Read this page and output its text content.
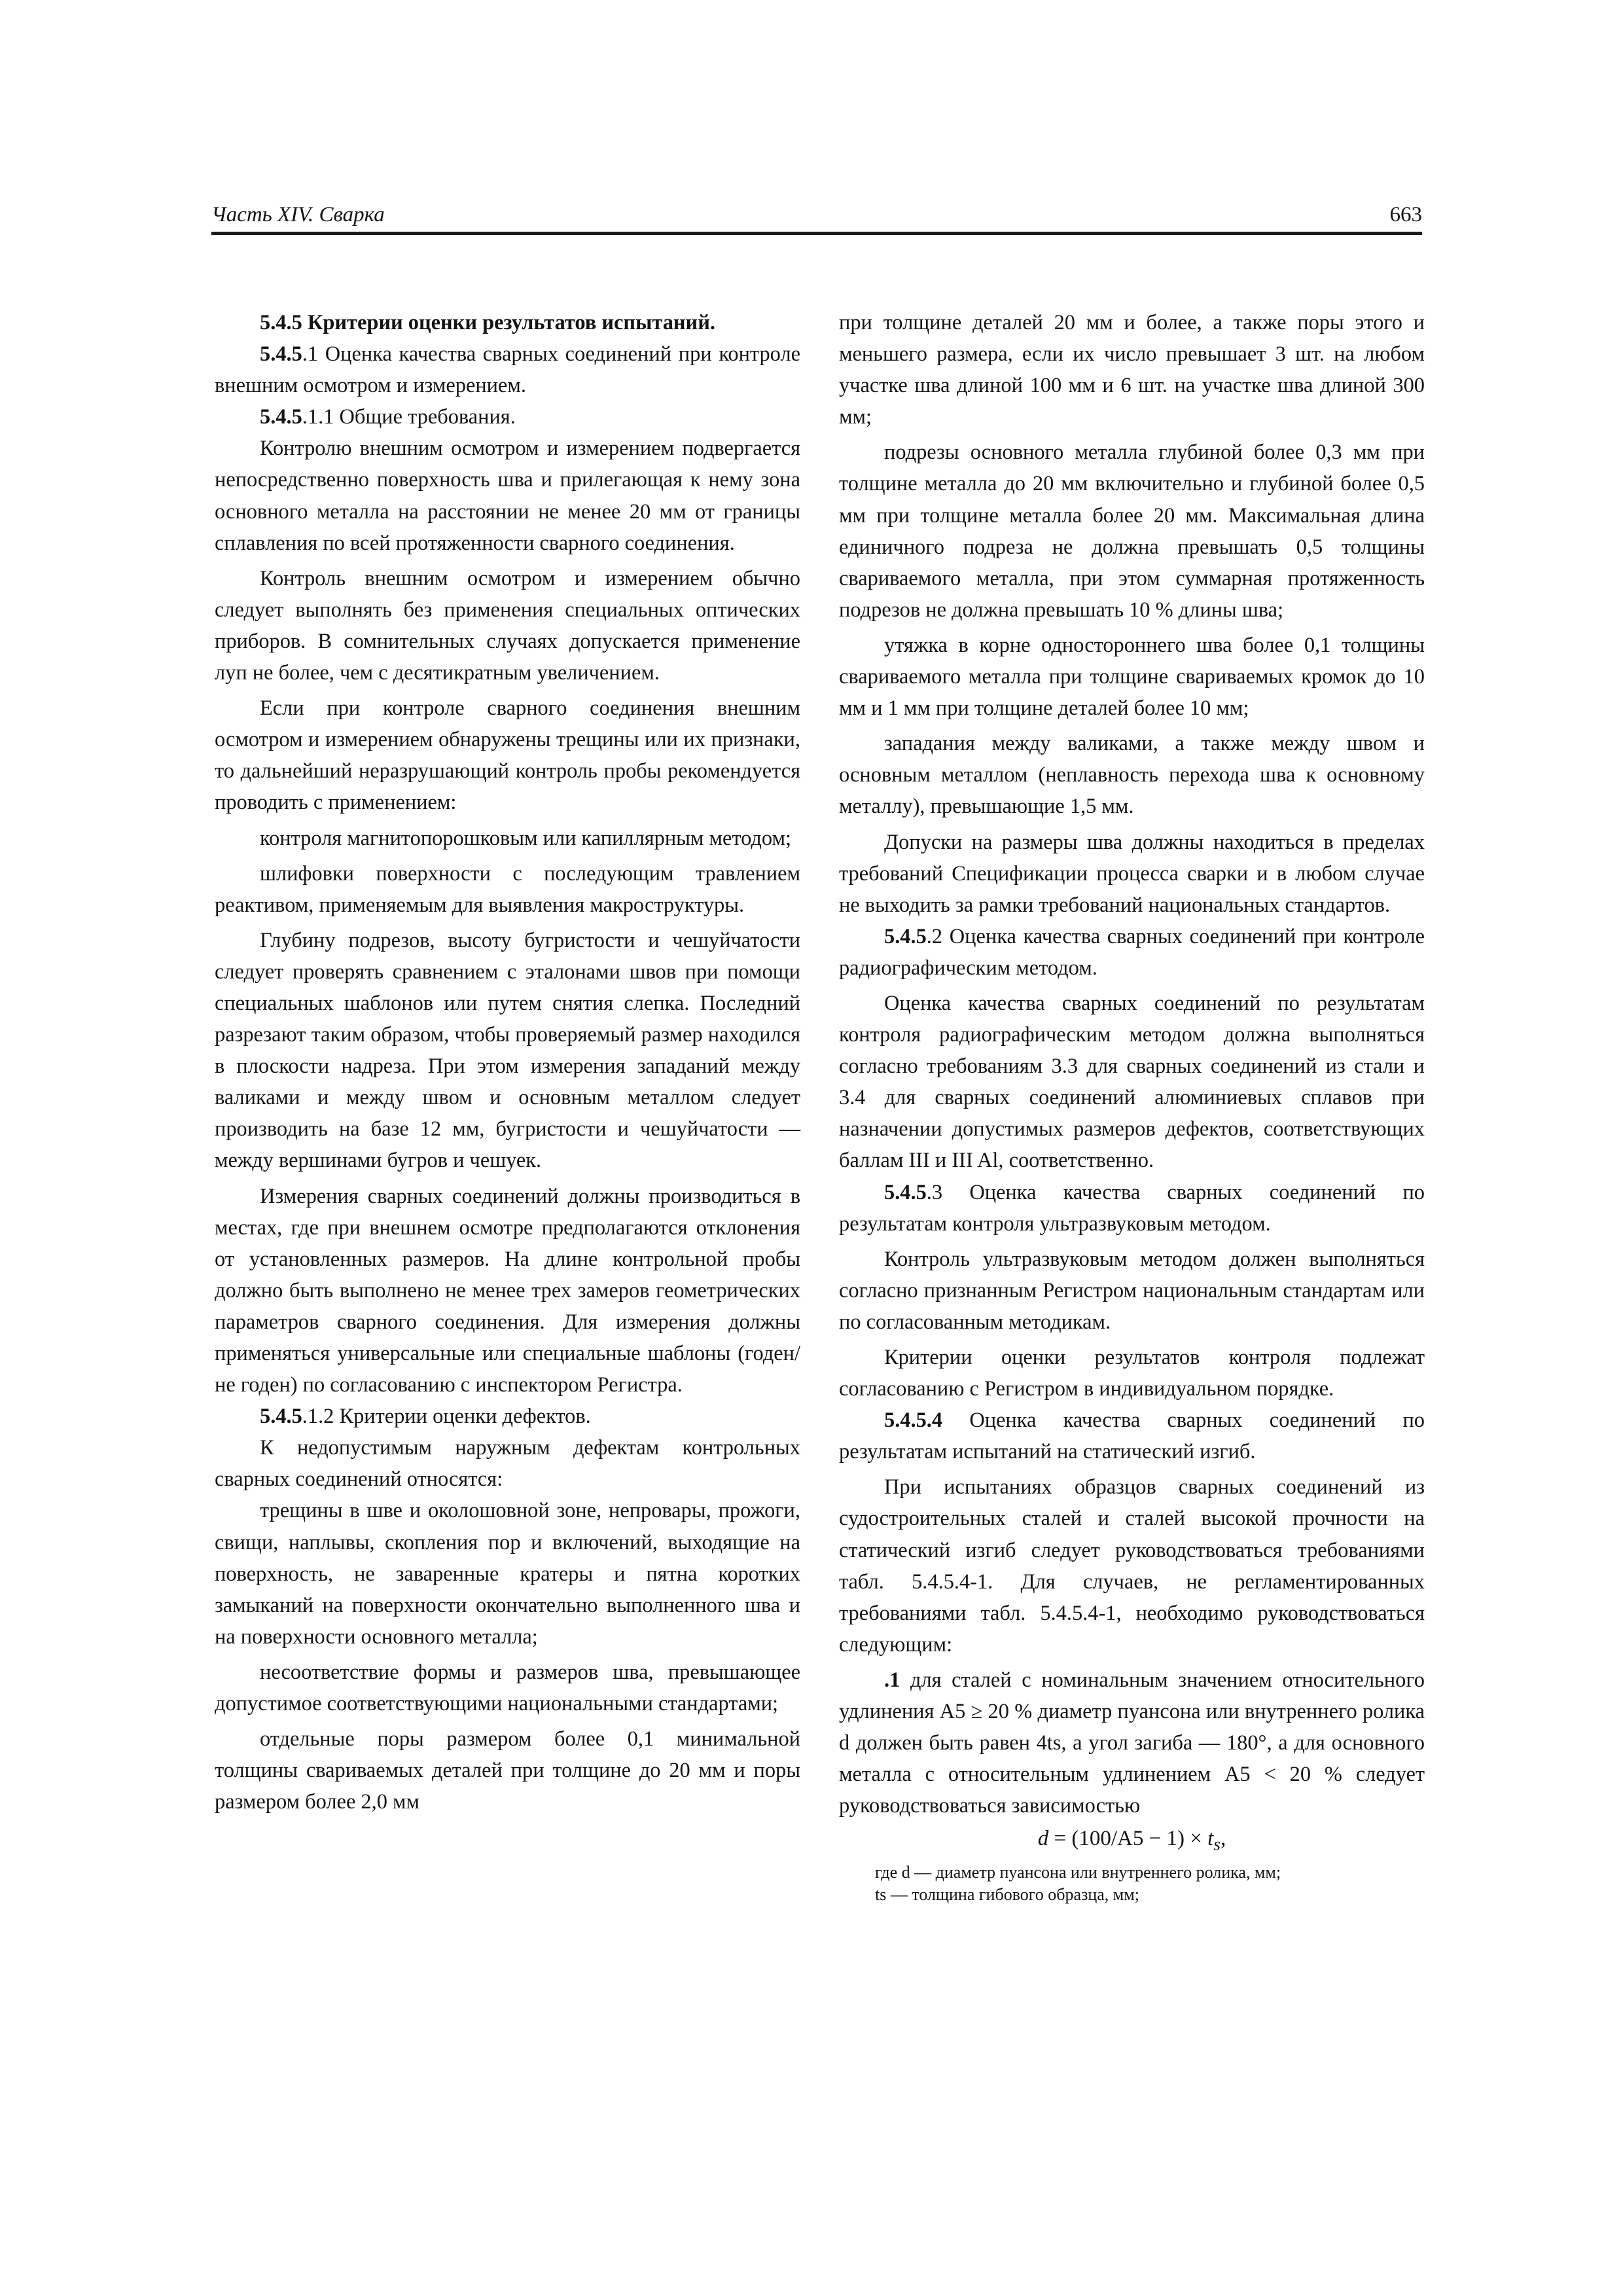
Часть XIV. Сварка	663

5.4.5 Критерии оценки результатов испытаний.

5.4.5.1 Оценка качества сварных соединений при контроле внешним осмотром и измерением.

5.4.5.1.1 Общие требования.

Контролю внешним осмотром и измерением подвергается непосредственно поверхность шва и прилегающая к нему зона основного металла на расстоянии не менее 20 мм от границы сплавления по всей протяженности сварного соединения.

Контроль внешним осмотром и измерением обычно следует выполнять без применения специальных оптических приборов. В сомнительных случаях допускается применение луп не более, чем с десятикратным увеличением.

Если при контроле сварного соединения внешним осмотром и измерением обнаружены трещины или их признаки, то дальнейший неразрушающий контроль пробы рекомендуется проводить с применением:

контроля магнитопорошковым или капиллярным методом;

шлифовки поверхности с последующим травлением реактивом, применяемым для выявления макроструктуры.

Глубину подрезов, высоту бугристости и чешуйчатости следует проверять сравнением с эталонами швов при помощи специальных шаблонов или путем снятия слепка. Последний разрезают таким образом, чтобы проверяемый размер находился в плоскости надреза. При этом измерения западаний между валиками и между швом и основным металлом следует производить на базе 12 мм, бугристости и чешуйчатости — между вершинами бугров и чешуек.

Измерения сварных соединений должны производиться в местах, где при внешнем осмотре предполагаются отклонения от установленных размеров. На длине контрольной пробы должно быть выполнено не менее трех замеров геометрических параметров сварного соединения. Для измерения должны применяться универсальные или специальные шаблоны (годен/не годен) по согласованию с инспектором Регистра.

5.4.5.1.2 Критерии оценки дефектов.

К недопустимым наружным дефектам контрольных сварных соединений относятся:

трещины в шве и околошовной зоне, непровары, прожоги, свищи, наплывы, скопления пор и включений, выходящие на поверхность, не заваренные кратеры и пятна коротких замыканий на поверхности окончательно выполненного шва и на поверхности основного металла;

несоответствие формы и размеров шва, превышающее допустимое соответствующими национальными стандартами;

отдельные поры размером более 0,1 минимальной толщины свариваемых деталей при толщине до 20 мм и поры размером более 2,0 мм

при толщине деталей 20 мм и более, а также поры этого и меньшего размера, если их число превышает 3 шт. на любом участке шва длиной 100 мм и 6 шт. на участке шва длиной 300 мм;

подрезы основного металла глубиной более 0,3 мм при толщине металла до 20 мм включительно и глубиной более 0,5 мм при толщине металла более 20 мм. Максимальная длина единичного подреза не должна превышать 0,5 толщины свариваемого металла, при этом суммарная протяженность подрезов не должна превышать 10 % длины шва;

утяжка в корне одностороннего шва более 0,1 толщины свариваемого металла при толщине свариваемых кромок до 10 мм и 1 мм при толщине деталей более 10 мм;

западания между валиками, а также между швом и основным металлом (неплавность перехода шва к основному металлу), превышающие 1,5 мм.

Допуски на размеры шва должны находиться в пределах требований Спецификации процесса сварки и в любом случае не выходить за рамки требований национальных стандартов.

5.4.5.2 Оценка качества сварных соединений при контроле радиографическим методом.

Оценка качества сварных соединений по результатам контроля радиографическим методом должна выполняться согласно требованиям 3.3 для сварных соединений из стали и 3.4 для сварных соединений алюминиевых сплавов при назначении допустимых размеров дефектов, соответствующих баллам III и III Al, соответственно.

5.4.5.3 Оценка качества сварных соединений по результатам контроля ультразвуковым методом.

Контроль ультразвуковым методом должен выполняться согласно признанным Регистром национальным стандартам или по согласованным методикам.

Критерии оценки результатов контроля подлежат согласованию с Регистром в индивидуальном порядке.

5.4.5.4 Оценка качества сварных соединений по результатам испытаний на статический изгиб.

При испытаниях образцов сварных соединений из судостроительных сталей и сталей высокой прочности на статический изгиб следует руководствоваться требованиями табл. 5.4.5.4-1. Для случаев, не регламентированных требованиями табл. 5.4.5.4-1, необходимо руководствоваться следующим:

.1 для сталей с номинальным значением относительного удлинения A5 ≥ 20 % диаметр пуансона или внутреннего ролика d должен быть равен 4ts, а угол загиба — 180°, а для основного металла с относительным удлинением A5 < 20 % следует руководствоваться зависимостью

$d = (100/A5 - 1) \times t_s$,

где d — диаметр пуансона или внутреннего ролика, мм;
ts — толщина гибового образца, мм;
